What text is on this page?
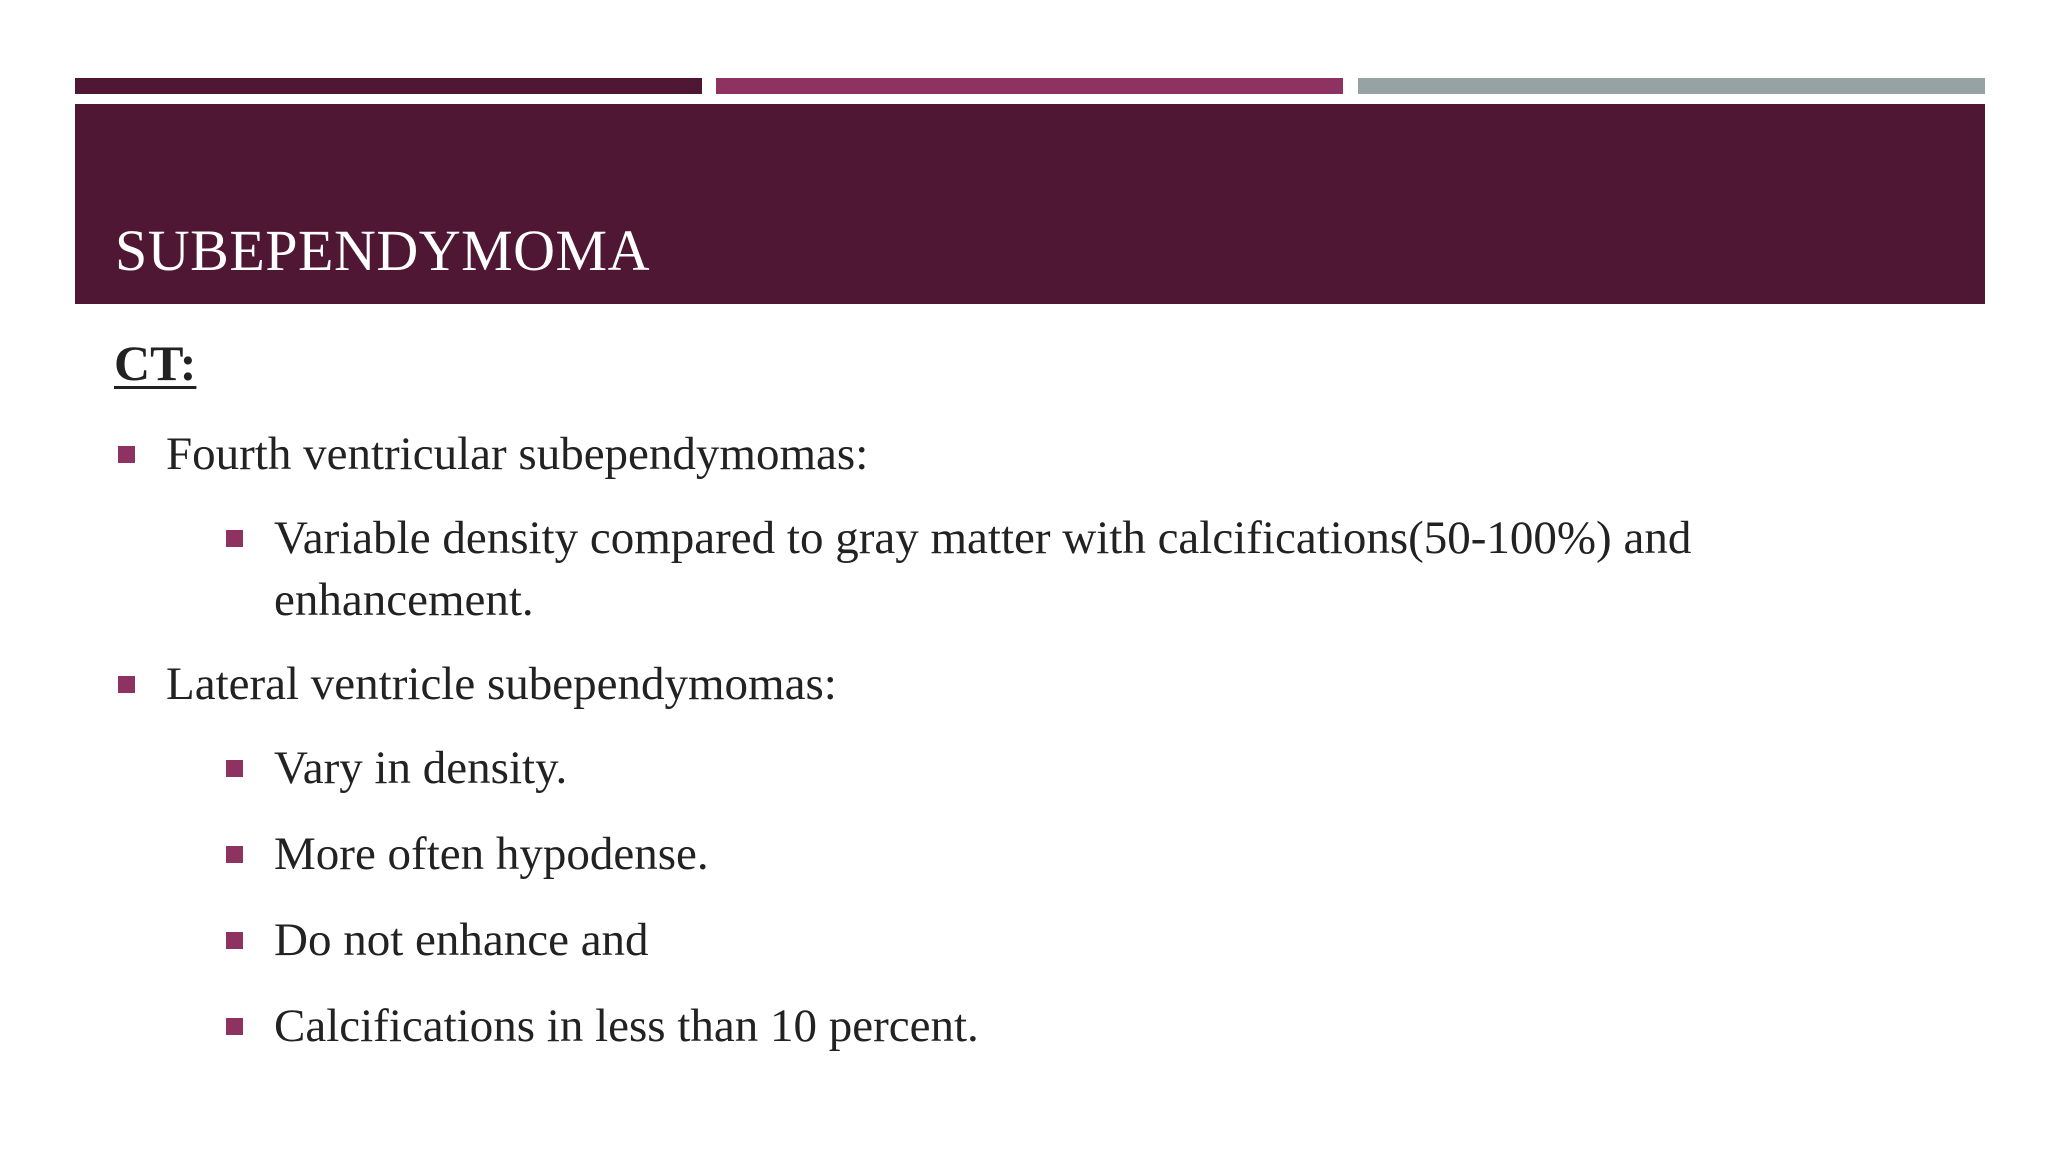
SUBEPENDYMOMA
CT:
Fourth ventricular subependymomas:
Variable density compared to gray matter with calcifications(50-100%) and enhancement.
Lateral ventricle subependymomas:
Vary in density.
More often hypodense.
Do not enhance and
Calcifications in less than 10 percent.
